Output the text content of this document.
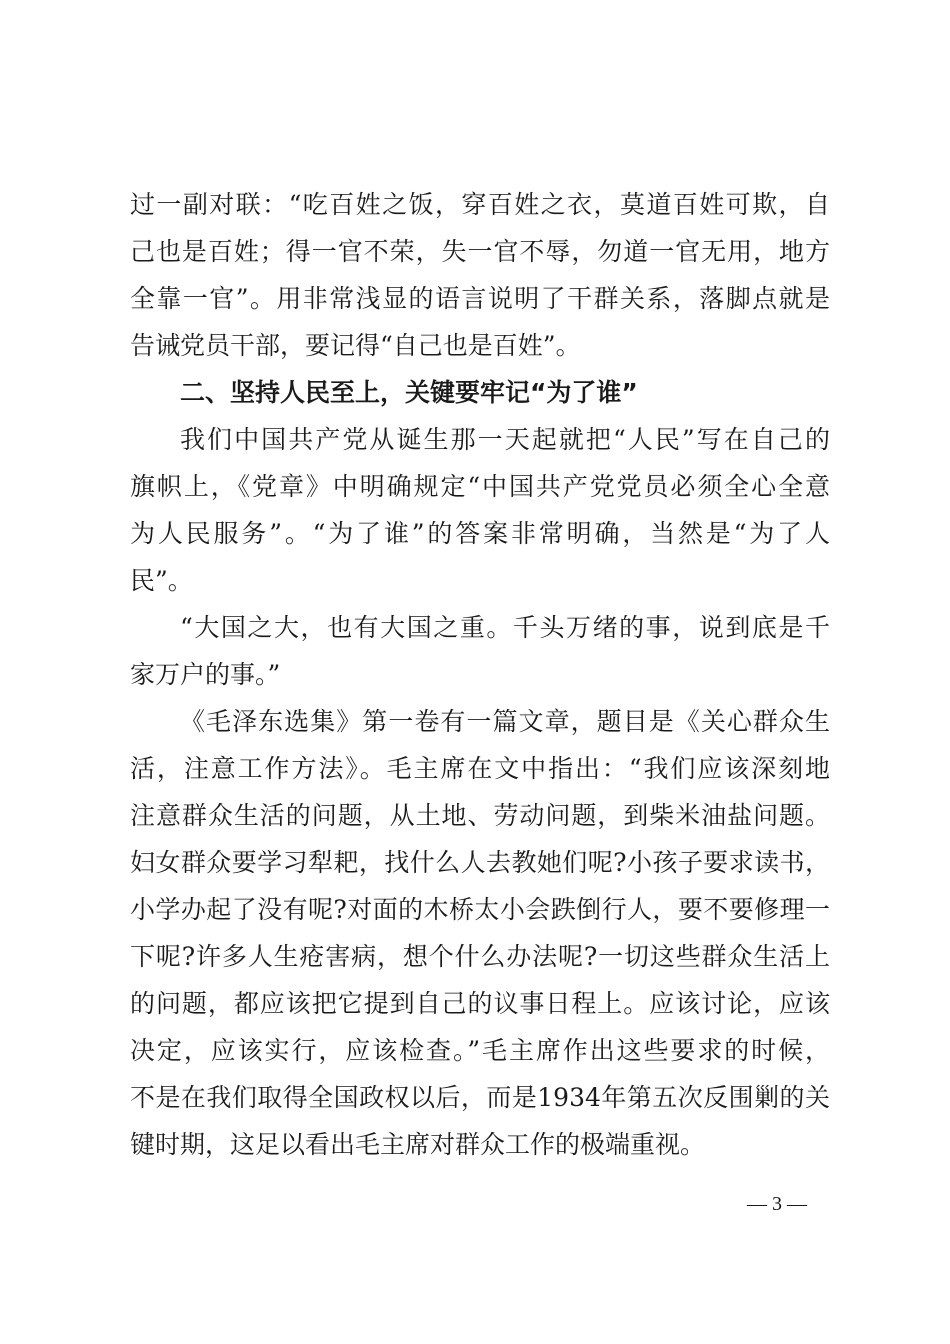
过一副对联：“吃百姓之饭，穿百姓之衣，莫道百姓可欺，自
己也是百姓；得一官不荣，失一官不辱，勿道一官无用，地方
全靠一官”。用非常浅显的语言说明了干群关系，落脚点就是
告诫党员干部，要记得“自己也是百姓”。
二、坚持人民至上，关键要牢记“为了谁”
我们中国共产党从诞生那一天起就把“人民”写在自己的
旗帜上，《党章》中明确规定“中国共产党党员必须全心全意
为人民服务”。“为了谁”的答案非常明确，当然是“为了人
民”。
“大国之大，也有大国之重。千头万绪的事，说到底是千
家万户的事。”
《毛泽东选集》第一卷有一篇文章，题目是《关心群众生
活，注意工作方法》。毛主席在文中指出：“我们应该深刻地
注意群众生活的问题，从土地、劳动问题，到柴米油盐问题。
妇女群众要学习犁耙，找什么人去教她们呢?小孩子要求读书，
小学办起了没有呢?对面的木桥太小会跌倒行人，要不要修理一
下呢?许多人生疮害病，想个什么办法呢?一切这些群众生活上
的问题，都应该把它提到自己的议事日程上。应该讨论，应该
决定，应该实行，应该检查。”毛主席作出这些要求的时候，
不是在我们取得全国政权以后，而是1934年第五次反围剿的关
键时期，这足以看出毛主席对群众工作的极端重视。
— 3 —
